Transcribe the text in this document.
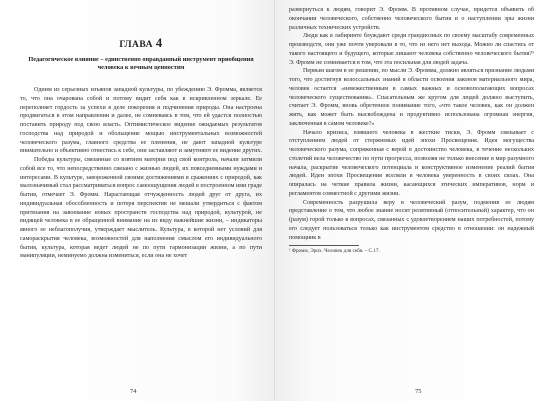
ГЛАВА 4
Педагогическое влияние – единственно оправданный инструмент приобщения человека к вечным ценностям

Одним из серьезных изъянов западной культуры, по убеждению Э. Фромма, является то, что она очарована собой и потому видит себя как в искривленном зеркале. Ее переполняет гордость за успехи в деле покорения и подчинения природы. Она настроена продвигаться в этом направлении и далее, не сомневаясь в том, что ей удастся полностью поставить природу под свою власть. Оптимистическое видение ожидаемых результатов господства над природой и обольщение мощью инструментальных возможностей человеческого разума, главного средства ее пленения, не дают западной культуре внимательно и объективно отнестись к себе, они заставляют и замутняют ее видение других.

Победы культуры, связанные со взятием материи под свой контроль, начали затмили собой все то, что непосредственно связано с жизнью людей, их повседневными нуждами и интересами. В культуре, завороженной своими достижениями в сражениях с природой, как малозначимый стал рассматриваться вопрос самоощущения людей в построенном ими граде бытия, отмечает Э. Фромм. Нарастающая отчужденность людей друг от друга, их индивидуальная обособленность и потеря перспектив не мешали утвердиться с фактом притязания на завоевание новых пространств господства над природой, культурой, не видящей человека в ее обращенной внимание на из виду важнейшие жизни, – индикаторы явного ее неблагополучия, утверждает мыслитель. Культура, в которой нет условий для самораскрытия человека, возможностей для наполнения смыслом его индивидуального бытия, культура, которая ведет людей не по пути гармонизации жизни, а по пути манипуляции, неминуемо должна измениться, если она не хочет

74

развернуться к людям, говорит Э. Фромм. В противном случае, придется объявить об окончании человеческого, собственно человеческого бытия и о наступлении эры жизни различных технических устройств.

Люди как в лабиринте блуждают среди грандиозных по своему масштабу современных производств, они уже почти уверовали в то, что из него нет выхода. Можно ли спастись от такого настоящего и будущего, которые лишают человека собственно человеческого бытия?¹ Э. Фромм не сомневается в том, что эта посильная для людей задача.

Первым шагом в ее решении, по мысли Э. Фромма, должно являться признание людьми того, что достигнув колоссальных знаний в области освоения законов материального мира, человек остается «невежественным в самых важных и основополагающих вопросах человеческого существования». Спасательным же кругом для людей должно выступить, считает Э. Фромм, вновь обретенное понимание того, «что такое человек, как он должен жить, как может быть высвобождена и продуктивно использована огромная энергия, заключенная в самом человеке?»

Начало кризиса, взявшего человека в жесткие тиски, Э. Фромм связывает с отступлением людей от стержневых идей эпохи Просвещения. Идея могущества человеческого разума, сопряженная с верой в достоинство человека, в течение нескольких столетий вела человечество по пути прогресса, позволяя не только внесение в мир разумного начала, раскрытие человеческого потенциала и конструктивное изменение реалий бытия людей. Идеи эпохи Просвещения вселяли в человека уверенность в своих силах. Она опиралась на четкие правила жизни, касающихся этических императивов, норм и регламентов совместной с другими жизни.

Современность разрушила веру в человеческий разум, подменив ее людям представление о том, что любое знание носит релятивный (относительный) характер, что он (разум) горой только в вопросах, связанных с удовлетворением наших потребностей, потому его следует пользоваться только как инструментом средство в отношении: он надежный помощник в

¹ Фромм, Эрих. Человек для себя. – С.17.

75
